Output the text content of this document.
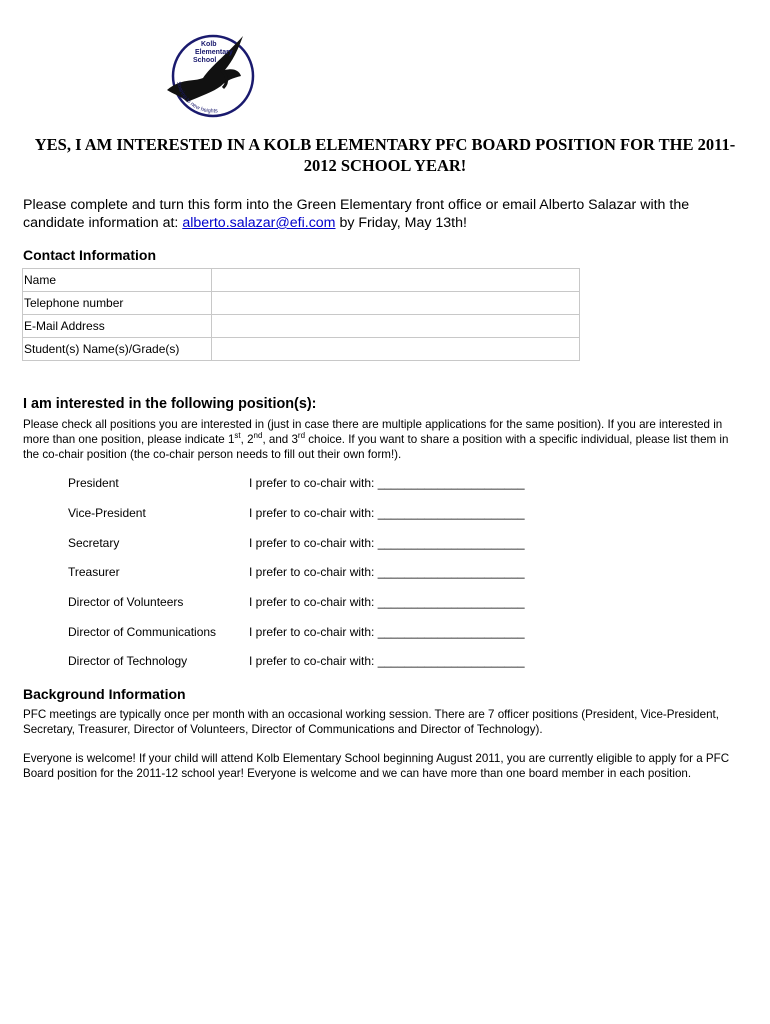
Kolb
Elementary
School
Soaring to new heights
YES, I AM INTERESTED IN A KOLB ELEMENTARY PFC BOARD POSITION FOR THE 2011-2012 SCHOOL YEAR!
Please complete and turn this form into the Green Elementary front office or email Alberto Salazar with the candidate information at: alberto.salazar@efi.com by Friday, May 13th!
Contact Information
Name	
Telephone number	
E-Mail Address	
Student(s) Name(s)/Grade(s)	
I am interested in the following position(s):
Please check all positions you are interested in (just in case there are multiple applications for the same position). If you are interested in more than one position, please indicate 1st, 2nd, and 3rd choice. If you want to share a position with a specific individual, please list them in the co-chair position (the co-chair person needs to fill out their own form!).
President	I prefer to co-chair with: ______________________
Vice-President	I prefer to co-chair with: ______________________
Secretary	I prefer to co-chair with: ______________________
Treasurer	I prefer to co-chair with: ______________________
Director of Volunteers	I prefer to co-chair with: ______________________
Director of Communications	I prefer to co-chair with: ______________________
Director of Technology	I prefer to co-chair with: ______________________
Background Information
PFC meetings are typically once per month with an occasional working session. There are 7 officer positions (President, Vice-President, Secretary, Treasurer, Director of Volunteers, Director of Communications and Director of Technology).
Everyone is welcome! If your child will attend Kolb Elementary School beginning August 2011, you are currently eligible to apply for a PFC Board position for the 2011-12 school year! Everyone is welcome and we can have more than one board member in each position.
